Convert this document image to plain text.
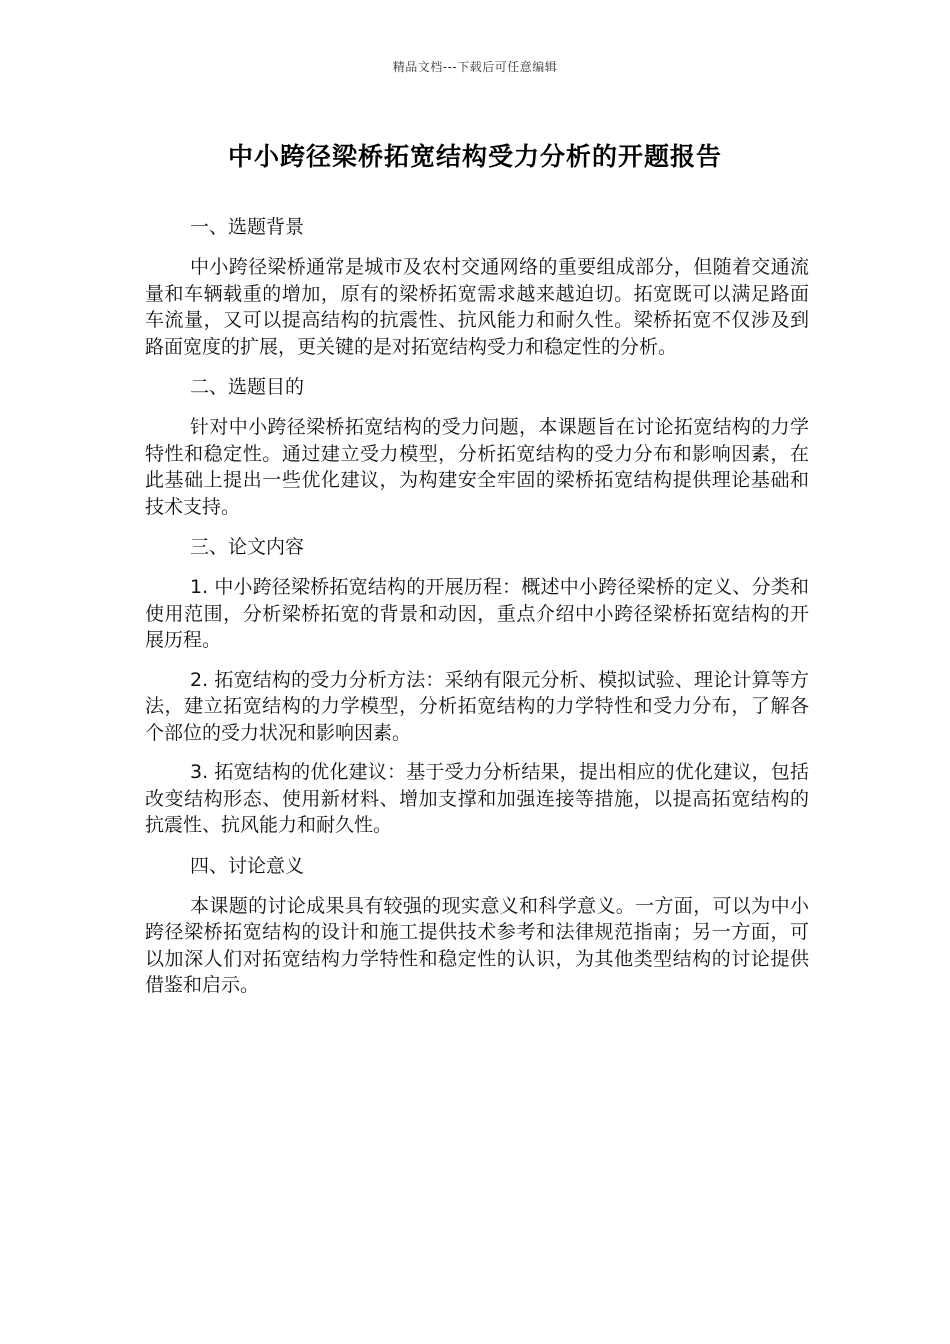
精品文档---下载后可任意编辑
中小跨径梁桥拓宽结构受力分析的开题报告
一、选题背景

中小跨径梁桥通常是城市及农村交通网络的重要组成部分，但随着交通流量和车辆载重的增加，原有的梁桥拓宽需求越来越迫切。拓宽既可以满足路面车流量，又可以提高结构的抗震性、抗风能力和耐久性。梁桥拓宽不仅涉及到路面宽度的扩展，更关键的是对拓宽结构受力和稳定性的分析。

二、选题目的

针对中小跨径梁桥拓宽结构的受力问题，本课题旨在讨论拓宽结构的力学特性和稳定性。通过建立受力模型，分析拓宽结构的受力分布和影响因素，在此基础上提出一些优化建议，为构建安全牢固的梁桥拓宽结构提供理论基础和技术支持。

三、论文内容

1. 中小跨径梁桥拓宽结构的开展历程：概述中小跨径梁桥的定义、分类和使用范围，分析梁桥拓宽的背景和动因，重点介绍中小跨径梁桥拓宽结构的开展历程。

2. 拓宽结构的受力分析方法：采纳有限元分析、模拟试验、理论计算等方法，建立拓宽结构的力学模型，分析拓宽结构的力学特性和受力分布，了解各个部位的受力状况和影响因素。

3. 拓宽结构的优化建议：基于受力分析结果，提出相应的优化建议，包括改变结构形态、使用新材料、增加支撑和加强连接等措施，以提高拓宽结构的抗震性、抗风能力和耐久性。

四、讨论意义

本课题的讨论成果具有较强的现实意义和科学意义。一方面，可以为中小跨径梁桥拓宽结构的设计和施工提供技术参考和法律规范指南；另一方面，可以加深人们对拓宽结构力学特性和稳定性的认识，为其他类型结构的讨论提供借鉴和启示。
